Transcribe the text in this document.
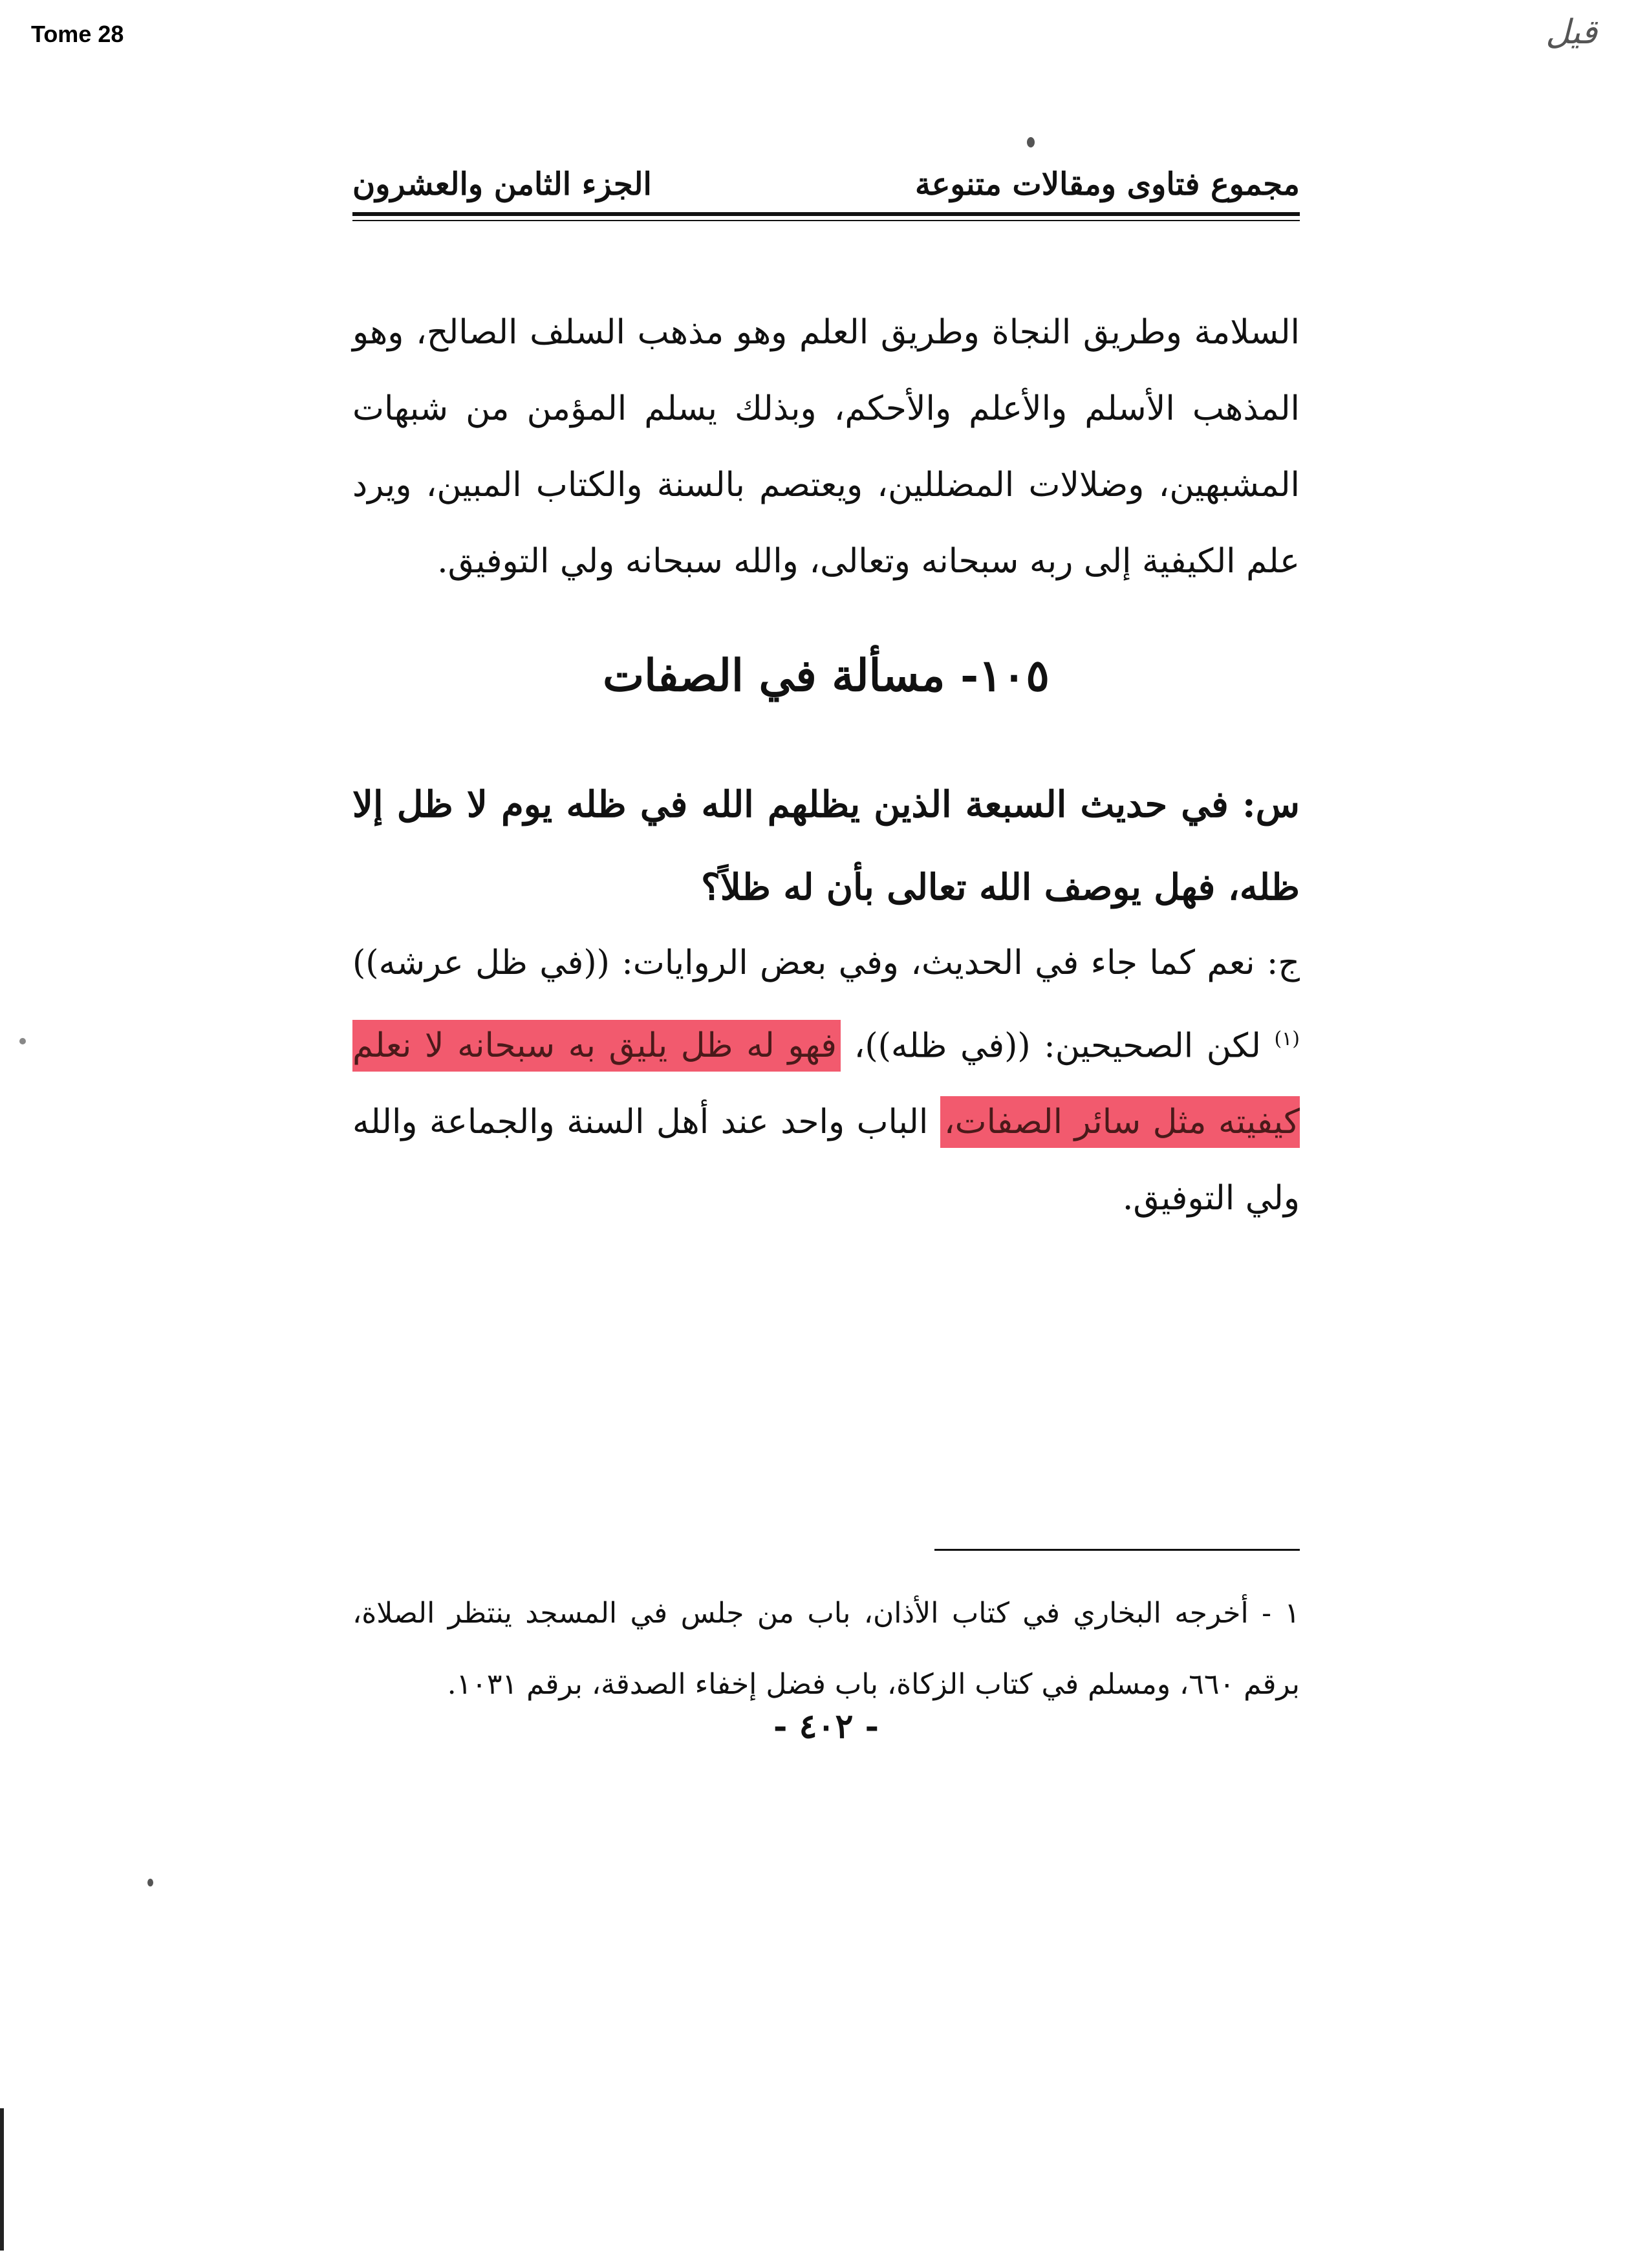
Tome 28	قيل
مجموع فتاوى ومقالات متنوعة
الجزء الثامن والعشرون
السلامة وطريق النجاة وطريق العلم وهو مذهب السلف الصالح، وهو المذهب الأسلم والأعلم والأحكم، وبذلك يسلم المؤمن من شبهات المشبهين، وضلالات المضللين، ويعتصم بالسنة والكتاب المبين، ويرد علم الكيفية إلى ربه سبحانه وتعالى، والله سبحانه ولي التوفيق.
١٠٥- مسألة في الصفات
س: في حديث السبعة الذين يظلهم الله في ظله يوم لا ظل إلا ظله، فهل يوصف الله تعالى بأن له ظلاً؟
ج: نعم كما جاء في الحديث، وفي بعض الروايات: ((في ظل عرشه))$^{(١)}$ لكن الصحيحين: ((في ظله))، فهو له ظل يليق به سبحانه لا نعلم كيفيته مثل سائر الصفات، الباب واحد عند أهل السنة والجماعة والله ولي التوفيق.
١ - أخرجه البخاري في كتاب الأذان، باب من جلس في المسجد ينتظر الصلاة، برقم ٦٦٠، ومسلم في كتاب الزكاة، باب فضل إخفاء الصدقة، برقم ١٠٣١.
- ٤٠٢ -
